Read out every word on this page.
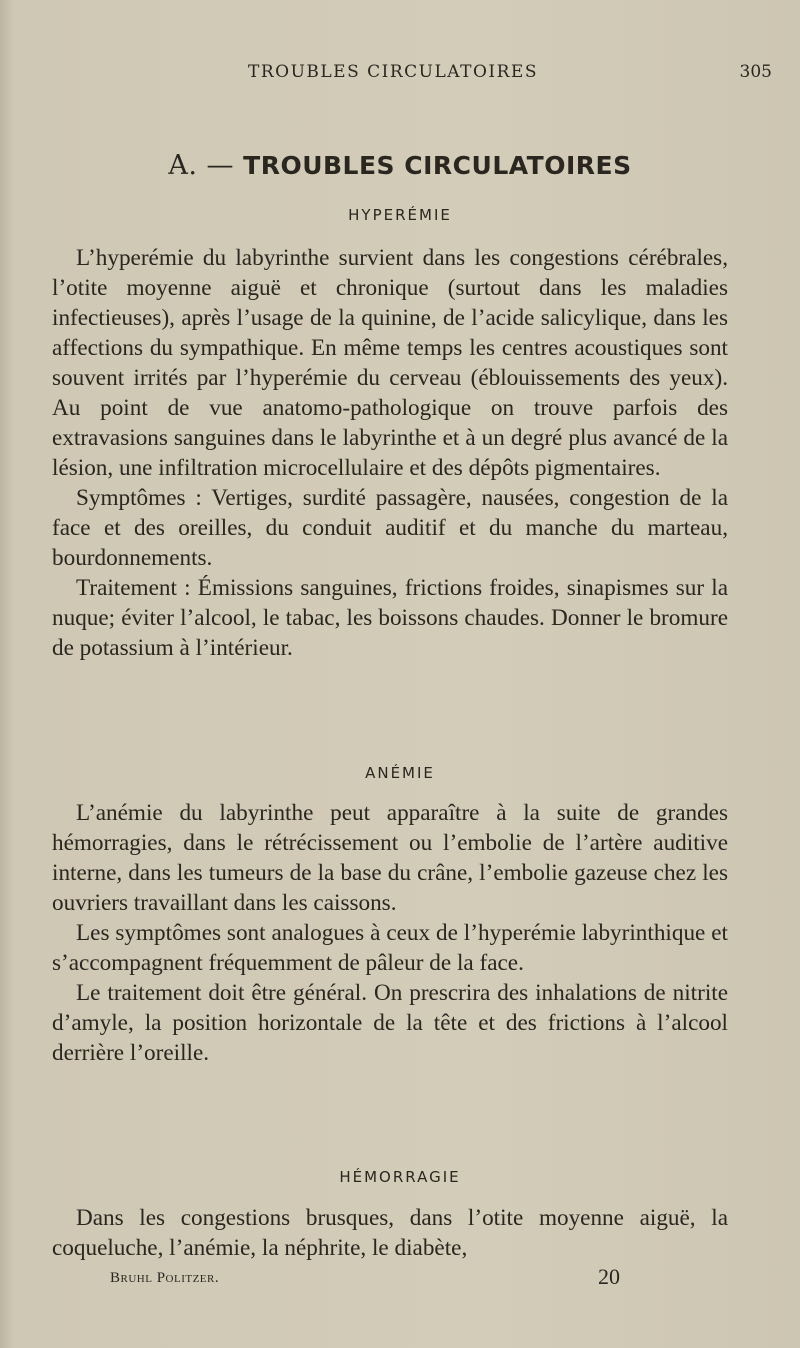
TROUBLES CIRCULATOIRES	305
A. — TROUBLES CIRCULATOIRES
HYPERÉMIE

L’hyperémie du labyrinthe survient dans les congestions cérébrales, l’otite moyenne aiguë et chronique (surtout dans les maladies infectieuses), après l’usage de la quinine, de l’acide salicylique, dans les affections du sympathique. En même temps les centres acoustiques sont souvent irrités par l’hyperémie du cerveau (éblouissements des yeux). Au point de vue anatomo-pathologique on trouve parfois des extravasions sanguines dans le labyrinthe et à un degré plus avancé de la lésion, une infiltration microcellulaire et des dépôts pigmentaires.

Symptômes : Vertiges, surdité passagère, nausées, congestion de la face et des oreilles, du conduit auditif et du manche du marteau, bourdonnements.

Traitement : Émissions sanguines, frictions froides, sinapismes sur la nuque; éviter l’alcool, le tabac, les boissons chaudes. Donner le bromure de potassium à l’intérieur.

ANÉMIE

L’anémie du labyrinthe peut apparaître à la suite de grandes hémorragies, dans le rétrécissement ou l’embolie de l’artère auditive interne, dans les tumeurs de la base du crâne, l’embolie gazeuse chez les ouvriers travaillant dans les caissons.

Les symptômes sont analogues à ceux de l’hyperémie labyrinthique et s’accompagnent fréquemment de pâleur de la face.

Le traitement doit être général. On prescrira des inhalations de nitrite d’amyle, la position horizontale de la tête et des frictions à l’alcool derrière l’oreille.

HÉMORRAGIE

Dans les congestions brusques, dans l’otite moyenne aiguë, la coqueluche, l’anémie, la néphrite, le diabète,

Bruhl Politzer.	20
